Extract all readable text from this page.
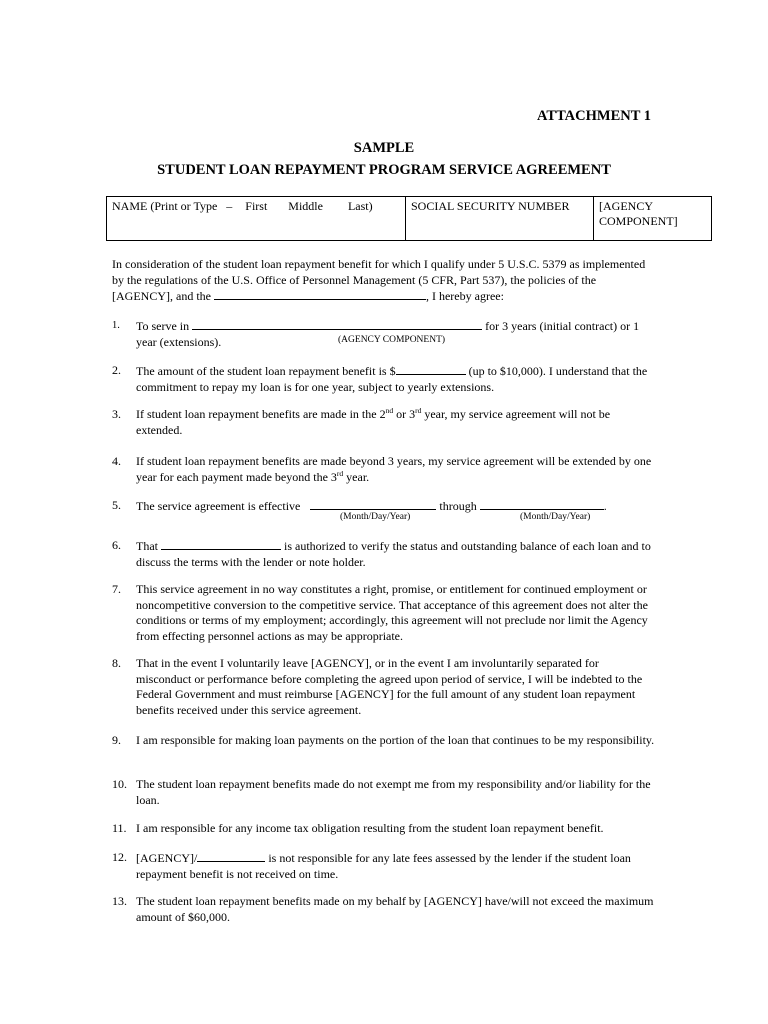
ATTACHMENT 1
SAMPLE
STUDENT LOAN REPAYMENT PROGRAM SERVICE AGREEMENT
NAME (Print or Type – First Middle Last)	SOCIAL SECURITY NUMBER	[AGENCY
COMPONENT]
In consideration of the student loan repayment benefit for which I qualify under 5 U.S.C. 5379 as implemented by the regulations of the U.S. Office of Personnel Management (5 CFR, Part 537), the policies of the [AGENCY], and the	, I hereby agree:
1. To serve in	for 3 years (initial contract) or 1 year (extensions).	(AGENCY COMPONENT)
2. The amount of the student loan repayment benefit is $	(up to $10,000). I understand that the commitment to repay my loan is for one year, subject to yearly extensions.
3. If student loan repayment benefits are made in the 2nd or 3rd year, my service agreement will not be extended.
4. If student loan repayment benefits are made beyond 3 years, my service agreement will be extended by one year for each payment made beyond the 3rd year.
5. The service agreement is effective	through	.
(Month/Day/Year)	(Month/Day/Year)
6. That	is authorized to verify the status and outstanding balance of each loan and to discuss the terms with the lender or note holder.
7. This service agreement in no way constitutes a right, promise, or entitlement for continued employment or noncompetitive conversion to the competitive service. That acceptance of this agreement does not alter the conditions or terms of my employment; accordingly, this agreement will not preclude nor limit the Agency from effecting personnel actions as may be appropriate.
8. That in the event I voluntarily leave [AGENCY], or in the event I am involuntarily separated for misconduct or performance before completing the agreed upon period of service, I will be indebted to the Federal Government and must reimburse [AGENCY] for the full amount of any student loan repayment benefits received under this service agreement.
9. I am responsible for making loan payments on the portion of the loan that continues to be my responsibility.
10. The student loan repayment benefits made do not exempt me from my responsibility and/or liability for the loan.
11. I am responsible for any income tax obligation resulting from the student loan repayment benefit.
12. [AGENCY]/	is not responsible for any late fees assessed by the lender if the student loan repayment benefit is not received on time.
13. The student loan repayment benefits made on my behalf by [AGENCY] have/will not exceed the maximum amount of $60,000.
